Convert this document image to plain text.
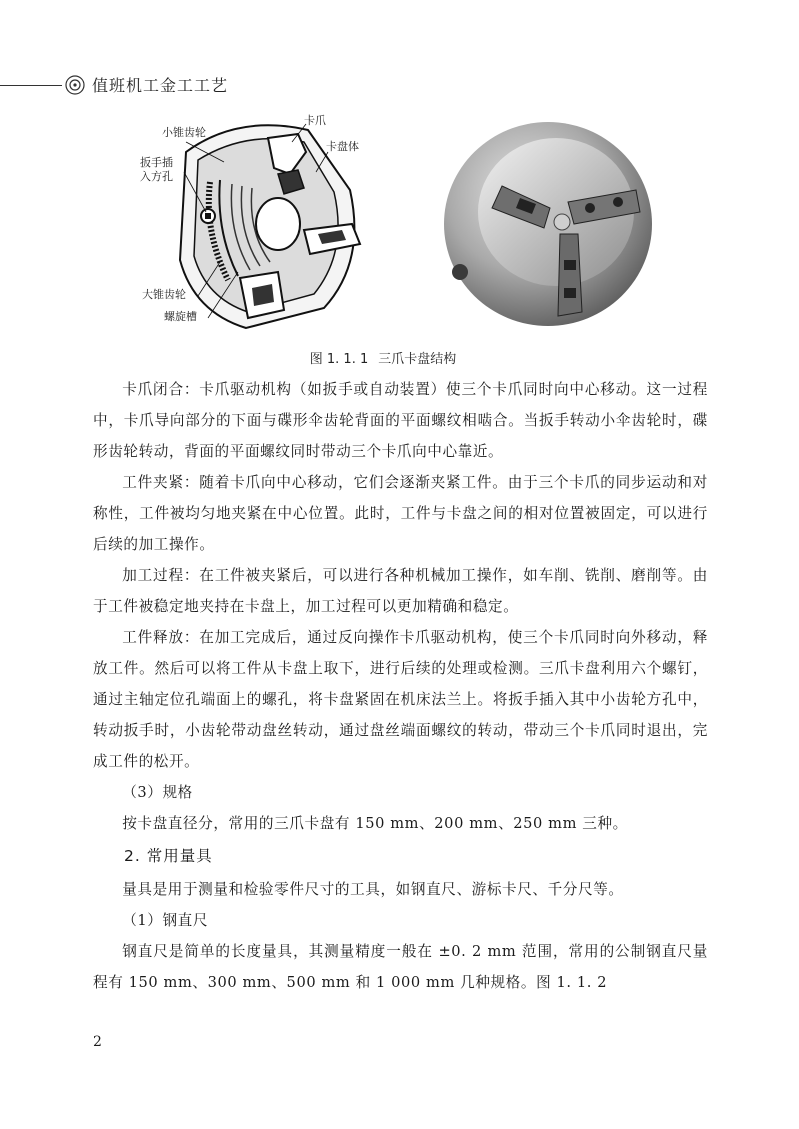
值班机工金工工艺
小锥齿轮
扳手插
入方孔
卡爪
卡盘体
大锥齿轮
螺旋槽
图 1. 1. 1 三爪卡盘结构

卡爪闭合：卡爪驱动机构（如扳手或自动装置）使三个卡爪同时向中心移动。这一过程中，卡爪导向部分的下面与碟形伞齿轮背面的平面螺纹相啮合。当扳手转动小伞齿轮时，碟形齿轮转动，背面的平面螺纹同时带动三个卡爪向中心靠近。

工件夹紧：随着卡爪向中心移动，它们会逐渐夹紧工件。由于三个卡爪的同步运动和对称性，工件被均匀地夹紧在中心位置。此时，工件与卡盘之间的相对位置被固定，可以进行后续的加工操作。

加工过程：在工件被夹紧后，可以进行各种机械加工操作，如车削、铣削、磨削等。由于工件被稳定地夹持在卡盘上，加工过程可以更加精确和稳定。

工件释放：在加工完成后，通过反向操作卡爪驱动机构，使三个卡爪同时向外移动，释放工件。然后可以将工件从卡盘上取下，进行后续的处理或检测。三爪卡盘利用六个螺钉，通过主轴定位孔端面上的螺孔，将卡盘紧固在机床法兰上。将扳手插入其中小齿轮方孔中，转动扳手时，小齿轮带动盘丝转动，通过盘丝端面螺纹的转动，带动三个卡爪同时退出，完成工件的松开。

（3）规格

按卡盘直径分，常用的三爪卡盘有 150 mm、200 mm、250 mm 三种。

2. 常用量具

量具是用于测量和检验零件尺寸的工具，如钢直尺、游标卡尺、千分尺等。

（1）钢直尺

钢直尺是简单的长度量具，其测量精度一般在 ±0. 2 mm 范围，常用的公制钢直尺量程有 150 mm、300 mm、500 mm 和 1 000 mm 几种规格。图 1. 1. 2

2
